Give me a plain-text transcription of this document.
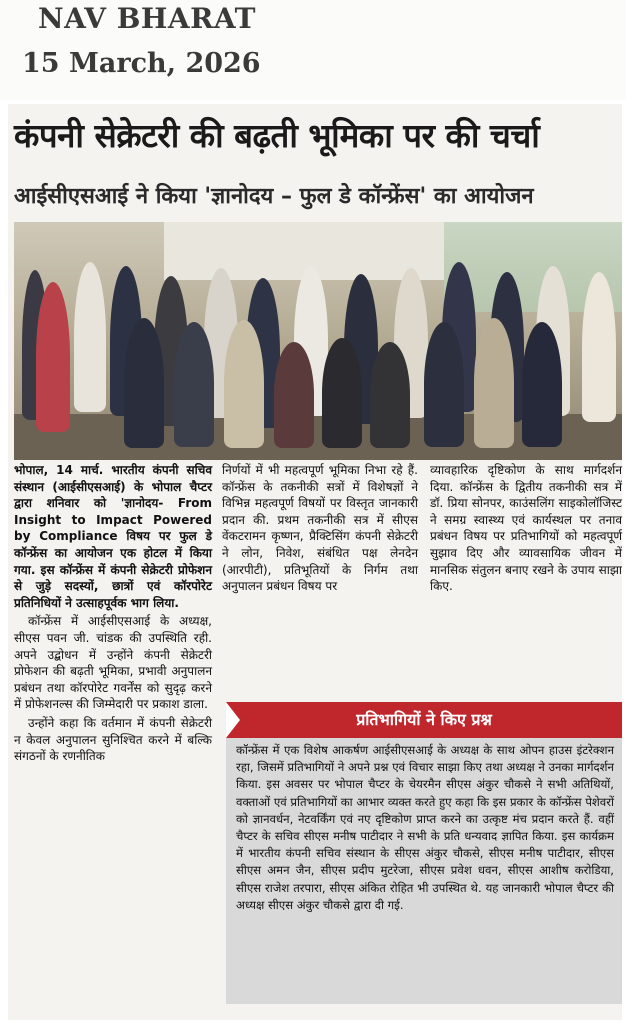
NAV BHARAT
15 March, 2026
कंपनी सेक्रेटरी की बढ़ती भूमिका पर की चर्चा
आईसीएसआई ने किया 'ज्ञानोदय – फुल डे कॉन्फ्रेंस' का आयोजन

भोपाल, 14 मार्च. भारतीय कंपनी सचिव संस्थान (आईसीएसआई) के भोपाल चैप्टर द्वारा शनिवार को 'ज्ञानोदय- From Insight to Impact Powered by Compliance विषय पर फुल डे कॉन्फ्रेंस का आयोजन एक होटल में किया गया. इस कॉन्फ्रेंस में कंपनी सेक्रेटरी प्रोफेशन से जुड़े सदस्यों, छात्रों एवं कॉरपोरेट प्रतिनिधियों ने उत्साहपूर्वक भाग लिया.

कॉन्फ्रेंस में आईसीएसआई के अध्यक्ष, सीएस पवन जी. चांडक की उपस्थिति रही. अपने उद्बोधन में उन्होंने कंपनी सेक्रेटरी प्रोफेशन की बढ़ती भूमिका, प्रभावी अनुपालन प्रबंधन तथा कॉरपोरेट गवर्नेंस को सुदृढ़ करने में प्रोफेशनल्स की जिम्मेदारी पर प्रकाश डाला.

उन्होंने कहा कि वर्तमान में कंपनी सेक्रेटरी न केवल अनुपालन सुनिश्चित करने में बल्कि संगठनों के रणनीतिक

निर्णयों में भी महत्वपूर्ण भूमिका निभा रहे हैं. कॉन्फ्रेंस के तकनीकी सत्रों में विशेषज्ञों ने विभिन्न महत्वपूर्ण विषयों पर विस्तृत जानकारी प्रदान की. प्रथम तकनीकी सत्र में सीएस वेंकटरामन कृष्णन, प्रैक्टिसिंग कंपनी सेक्रेटरी ने लोन, निवेश, संबंधित पक्ष लेनदेन (आरपीटी), प्रतिभूतियों के निर्गम तथा अनुपालन प्रबंधन विषय पर

व्यावहारिक दृष्टिकोण के साथ मार्गदर्शन दिया. कॉन्फ्रेंस के द्वितीय तकनीकी सत्र में डॉ. प्रिया सोनपर, काउंसलिंग साइकोलॉजिस्ट ने समग्र स्वास्थ्य एवं कार्यस्थल पर तनाव प्रबंधन विषय पर प्रतिभागियों को महत्वपूर्ण सुझाव दिए और व्यावसायिक जीवन में मानसिक संतुलन बनाए रखने के उपाय साझा किए.

प्रतिभागियों ने किए प्रश्न
कॉन्फ्रेंस में एक विशेष आकर्षण आईसीएसआई के अध्यक्ष के साथ ओपन हाउस इंटरेक्शन रहा, जिसमें प्रतिभागियों ने अपने प्रश्न एवं विचार साझा किए तथा अध्यक्ष ने उनका मार्गदर्शन किया. इस अवसर पर भोपाल चैप्टर के चेयरमैन सीएस अंकुर चौकसे ने सभी अतिथियों, वक्ताओं एवं प्रतिभागियों का आभार व्यक्त करते हुए कहा कि इस प्रकार के कॉन्फ्रेंस पेशेवरों को ज्ञानवर्धन, नेटवर्किंग एवं नए दृष्टिकोण प्राप्त करने का उत्कृष्ट मंच प्रदान करते हैं. वहीं चैप्टर के सचिव सीएस मनीष पाटीदार ने सभी के प्रति धन्यवाद ज्ञापित किया. इस कार्यक्रम में भारतीय कंपनी सचिव संस्थान के सीएस अंकुर चौकसे, सीएस मनीष पाटीदार, सीएस सीएस अमन जैन, सीएस प्रदीप मुटरेजा, सीएस प्रवेश धवन, सीएस आशीष करोडिया, सीएस राजेश तरपारा, सीएस अंकित रोहित भी उपस्थित थे. यह जानकारी भोपाल चैप्टर की अध्यक्ष सीएस अंकुर चौकसे द्वारा दी गई.
